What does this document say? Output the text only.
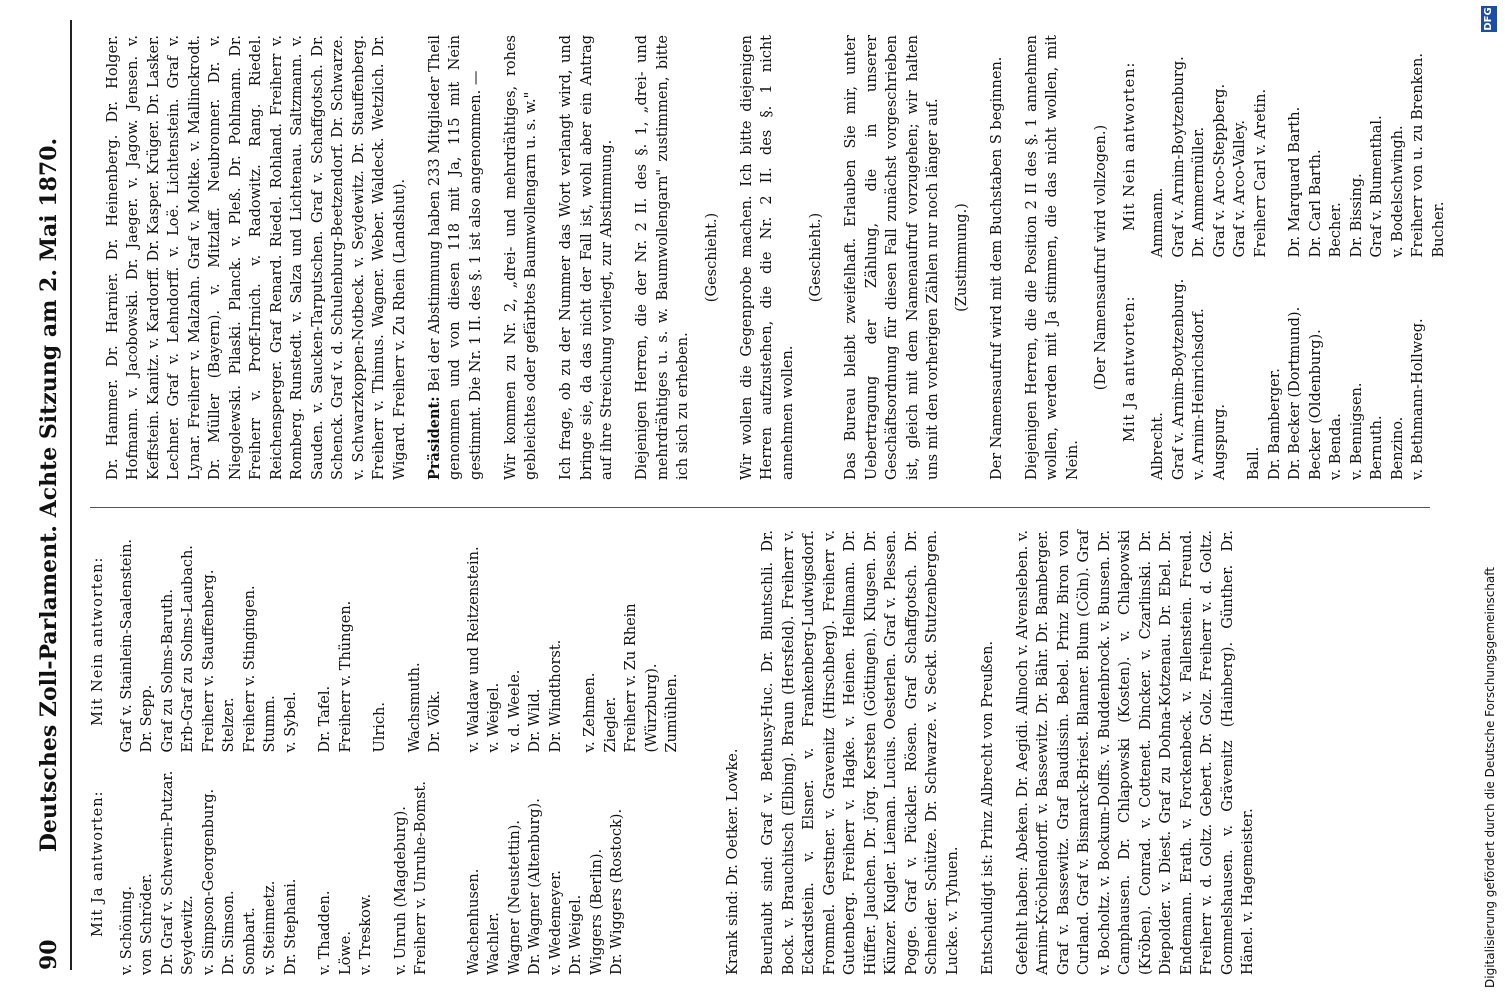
90
Deutsches Zoll-Parlament. Achte Sitzung am 2. Mai 1870.
Mit Ja antworten:
Mit Nein antworten:
v. Schöning. von Schröder. Dr. Graf v. Schwerin-Putzar. Seydewitz. v. Simpson-Georgenburg. Dr. Simson. Sombart. v. Steinmetz. Dr. Stephani. v. Thadden. Löwe. v. Treskow. v. Unruh (Magdeburg). Freiherr v. Unruhe-Bomst.
Graf v. Stainlein-Saalenstein. Dr. Sepp. Graf zu Solms-Baruth. Erb-Graf zu Solms-Laubach. Freiherr v. Stauffenberg. Stelzer. Freiherr v. Stingingen. Stumm. v. Sybel. Dr. Tafel. Freiherr v. Thüngen. Ulrich. Wachsmuth. Dr. Völk.
Wachenhusen. Wachler. Wagner (Neustettin). Dr. Wagner (Altenburg). v. Wedemeyer. Dr. Weigel. Wiggers (Berlin). Dr. Wiggers (Rostock).
v. Waldaw und Reitzenstein. v. Weigel. v. d. Weele. Dr. Wild. Dr. Windthorst. v. Zehmen. Ziegler. Freiherr v. Zu Rhein (Würzburg). Zumühlen.

Krank sind: Dr. Oetker. Lowke. Beurlaubt sind: Graf v. Bethusy-Huc. Dr. Bluntschli. Dr. Bock. v. Brauchitsch (Elbing). Braun (Hersfeld). Freiherr v. Eckardstein. v. Elsner. v. Frankenberg-Ludwigsdorf. Frommel. Gerstner. v. Gravenitz (Hirschberg). Freiherr v. Gutenberg. Freiherr v. Hagke. v. Heinen. Hellmann. Dr. Hüffer. Jauchen. Dr. Jörg. Kersten (Göttingen). Klugsen. Dr. Künzer. Kugler. Lieman. Lucius. Oesterlen. Graf v. Plessen. Pogge. Graf v. Pückler. Rösen. Graf Schaffgotsch. Dr. Schneider. Schütze. Dr. Schwarze. v. Seckt. Stutzenbergen. Lucke. v. Tyhuen. Entschuldigt ist: Prinz Albrecht von Preußen. Gefehlt haben: Abeken. Dr. Aegidi. Allnoch v. Alvensleben. v. Arnim-Kröchlendorff. v. Bassewitz. Dr. Bähr. Dr. Bamberger. Graf v. Bassewitz. Graf Baudissin. Bebel. Prinz Biron von Curland. Graf v. Bismarck-Briest. Blanner. Blum (Cöln). Graf v. Bocholtz. v. Bockum-Dolffs. v. Buddenbrock. v. Bunsen. Dr. Camphausen. Dr. Chlapowski (Kosten). v. Chlapowski (Kröben). Conrad. v. Cottenet. Dincker. v. Czarlinski. Dr. Diepolder. v. Diest. Graf zu Dohna-Kotzenau. Dr. Ebel. Dr. Endemann. Erath. v. Forckenbeck. v. Fallenstein. Freund. Freiherr v. d. Goltz. Gebert. Dr. Golz. Freiherr v. d. Goltz. Gommelshausen. v. Grävenitz (Hainberg). Günther. Dr. Hänel. v. Hagemeister.

Dr. Hammer. Dr. Harnier. Dr. Heinenberg. Dr. Holger. Hofmann. v. Jacobowski. Dr. Jaeger. v. Jagow. Jensen. v. Keffstein. Kanitz. v. Kardorff. Dr. Kasper. Krüger. Dr. Lasker. Lechner. Graf v. Lehndorff. v. Loë. Lichtenstein. Graf v. Lynar. Freiherr v. Malzahn. Graf v. Moltke. v. Mallinckrodt. Dr. Müller (Bayern). v. Mitzlaff. Neubronner. Dr. v. Niegolewski. Pilaski. Planck. v. Pleß. Dr. Pohlmann. Dr. Freiherr v. Proff-Irnich. v. Radowitz. Rang. Riedel. Reichensperger. Graf Renard. Riedel. Rohland. Freiherr v. Romberg. Runstedt. v. Salza und Lichtenau. Saltzmann. v. Sauden. v. Saucken-Tarputschen. Graf v. Schaffgotsch. Dr. Schenck. Graf v. d. Schulenburg-Beetzendorf. Dr. Schwarze. v. Schwarzkoppen-Notbeck. v. Seydewitz. Dr. Stauffenberg. Freiherr v. Thimus. Wagner. Weber. Waldeck. Wetzlich. Dr. Wigard. Freiherr v. Zu Rhein (Landshut). Präsident: Bei der Abstimmung haben 233 Mitglieder Theil genommen und von diesen 118 mit Ja, 115 mit Nein gestimmt. Die Nr. 1 II. des §. 1 ist also angenommen. — Wir kommen zu Nr. 2, „drei- und mehrdrähtiges, rohes gebleichtes oder gefärbtes Baumwollengarn u. s. w." Ich frage, ob zu der Nummer das Wort verlangt wird, und bringe sie, da das nicht der Fall ist, wohl aber ein Antrag auf ihre Streichung vorliegt, zur Abstimmung. Diejenigen Herren, die der Nr. 2 II. des §. 1, „drei- und mehrdrähtiges u. s. w. Baumwollengarn" zustimmen, bitte ich sich zu erheben.

(Geschieht.) Wir wollen die Gegenprobe machen. Ich bitte diejenigen Herren aufzustehen, die die Nr. 2 II. des §. 1 nicht annehmen wollen.

(Geschieht.) Das Bureau bleibt zweifelhaft. Erlauben Sie mir, unter Uebertragung der Zählung, die in unserer Geschäftsordnung für diesen Fall zunächst vorgeschrieben ist, gleich mit dem Namenaufruf vorzugehen; wir halten uns mit den vorherigen Zählen nur noch länger auf. (Zustimmung.) Der Namensaufruf wird mit dem Buchstaben S beginnen. Diejenigen Herren, die die Position 2 II des §. 1 annehmen wollen, werden mit Ja stimmen, die das nicht wollen, mit Nein.

(Der Namensaufruf wird vollzogen.) Mit Ja antworten:
Mit Nein antworten:
Albrecht. Graf v. Arnim-Boytzenburg. v. Arnim-Heinrichsdorf. Augspurg. Ball. Dr. Bamberger. Dr. Becker (Dortmund). Becker (Oldenburg). v. Benda. v. Bennigsen. Bernuth. Benzino. v. Bethmann-Hollweg.
Ammann. Graf v. Arnim-Boytzenburg. Dr. Ammermüller. Graf v. Arco-Steppberg. Graf v. Arco-Valley. Freiherr Carl v. Aretin. Dr. Marquard Barth. Dr. Carl Barth. Becher. Dr. Bissing. Graf v. Blumenthal. v. Bodelschwingh. Freiherr von u. zu Brenken. Bucher.
Digitalisierung gefördert durch die Deutsche Forschungsgemeinschaft
DFG
